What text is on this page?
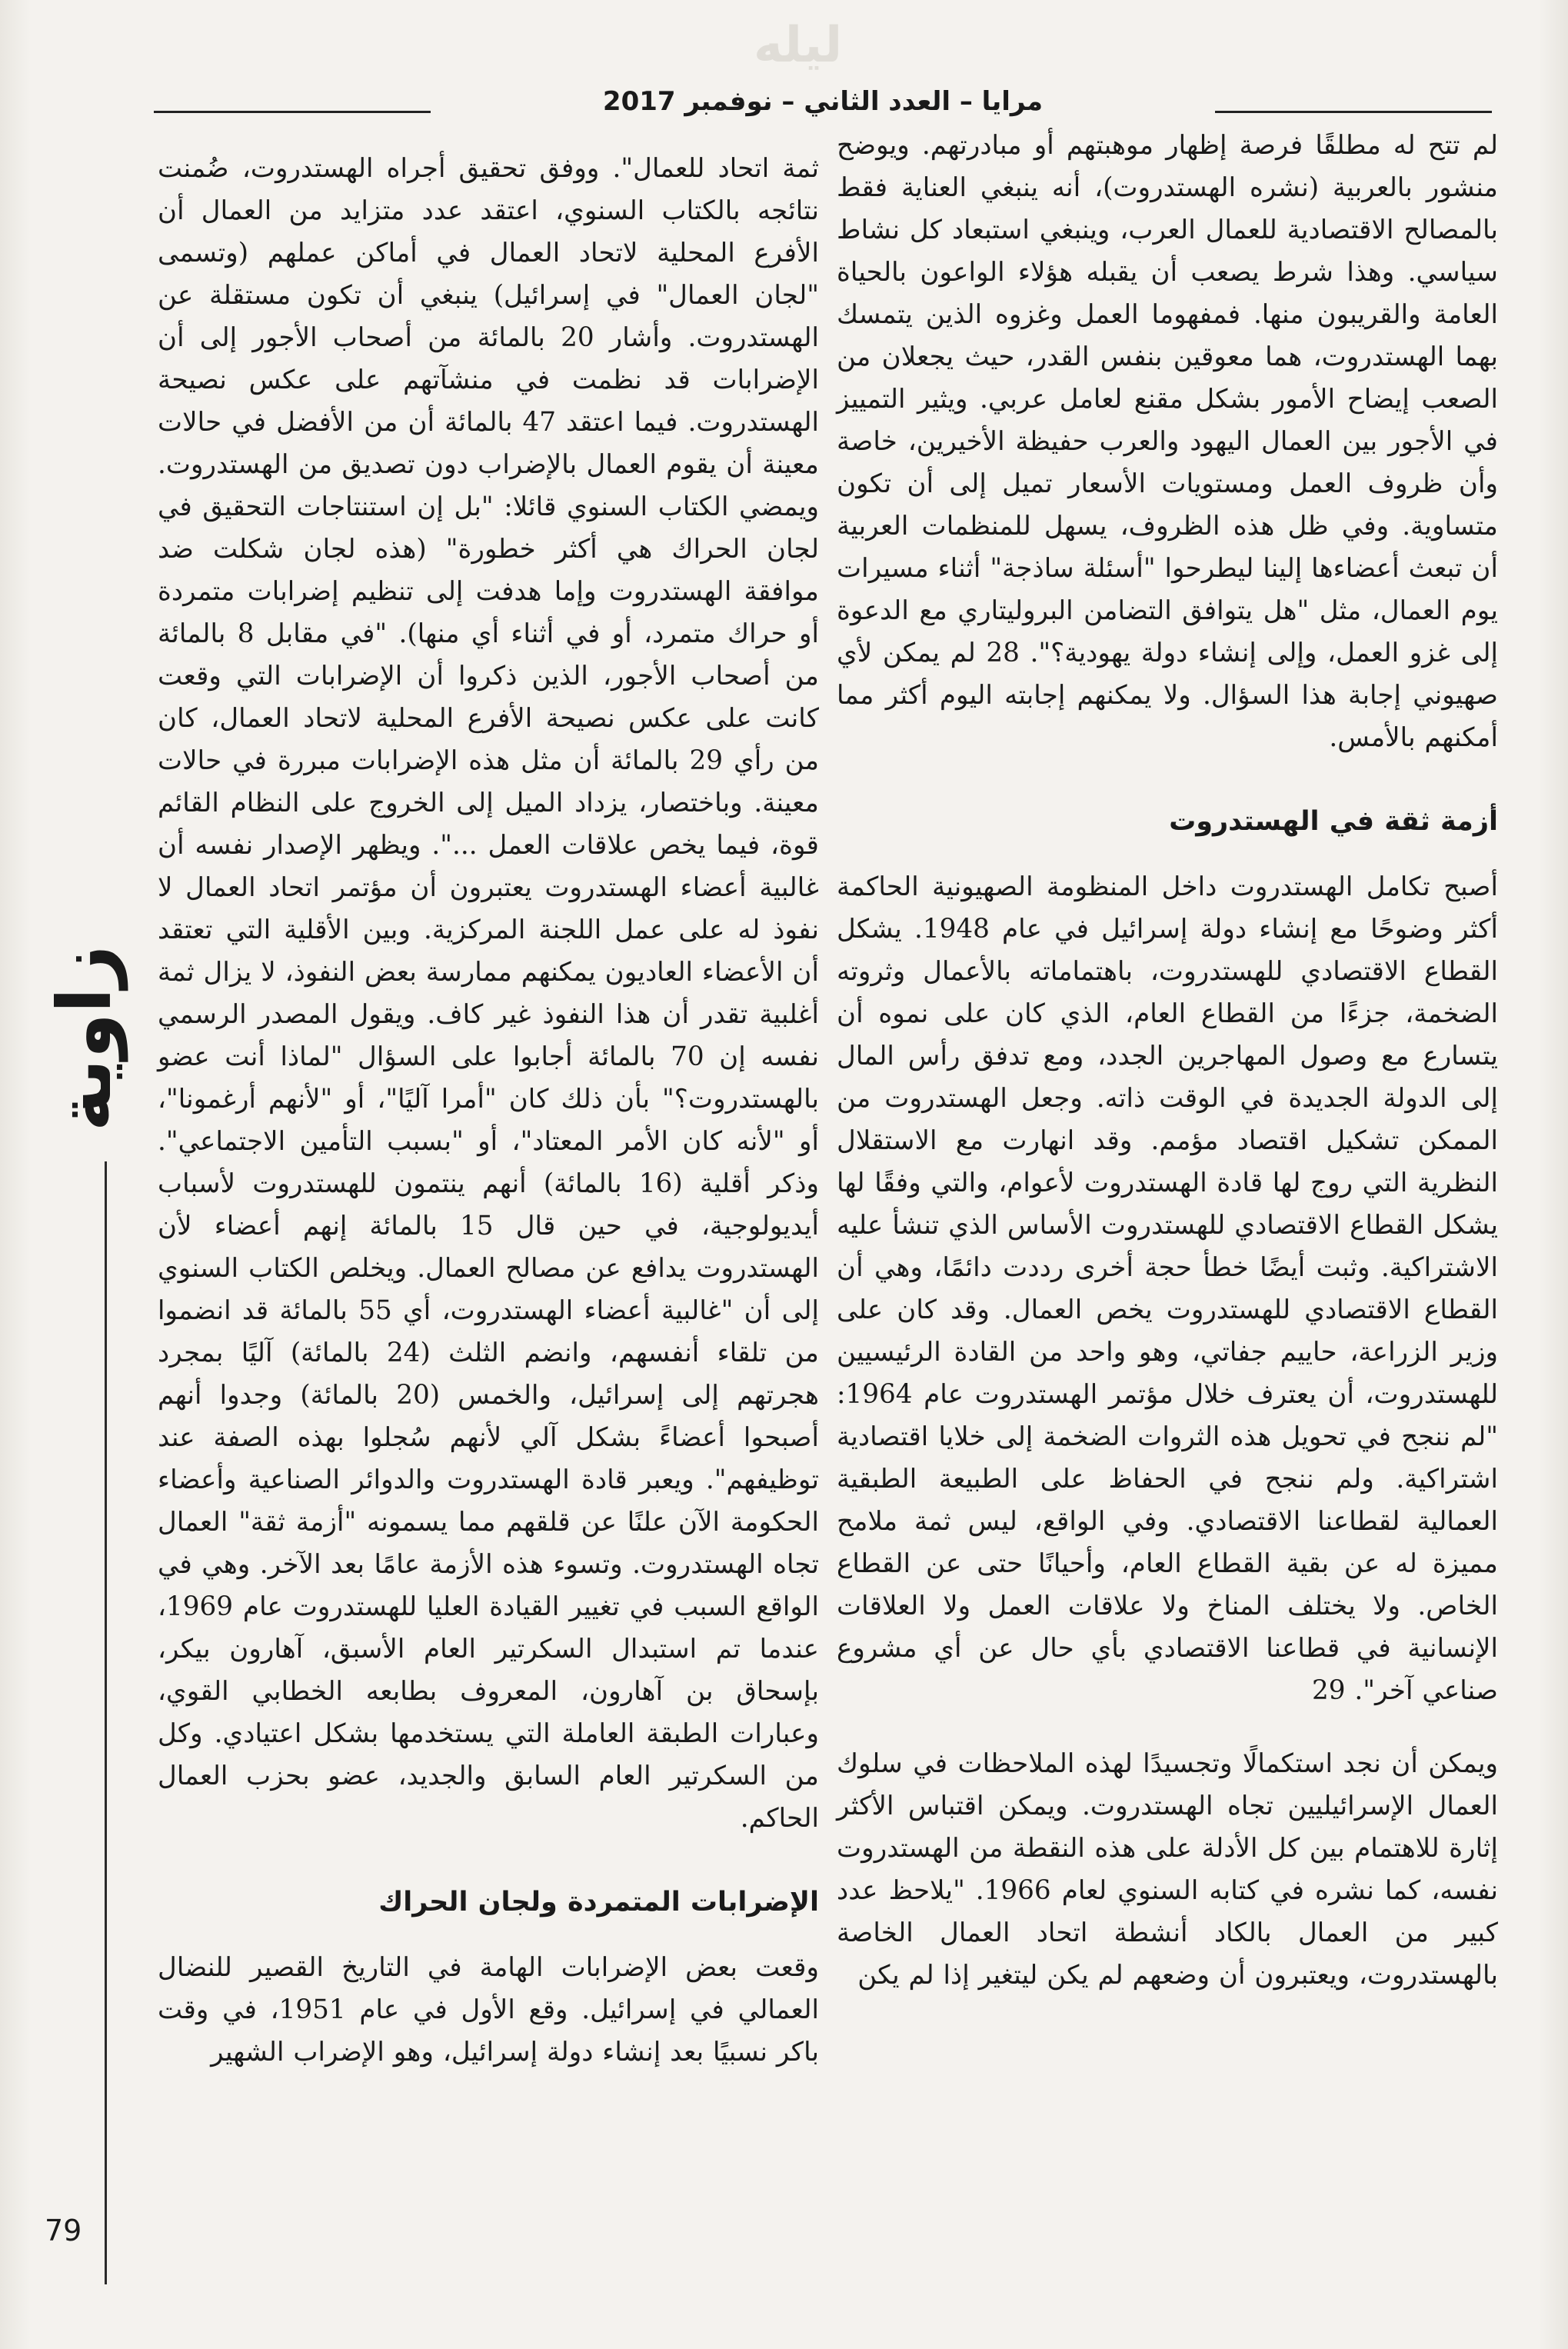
ليله
مرايا – العدد الثاني – نوفمبر 2017

لم تتح له مطلقًا فرصة إظهار موهبتهم أو مبادرتهم. ويوضح منشور بالعربية (نشره الهستدروت)، أنه ينبغي العناية فقط بالمصالح الاقتصادية للعمال العرب، وينبغي استبعاد كل نشاط سياسي. وهذا شرط يصعب أن يقبله هؤلاء الواعون بالحياة العامة والقريبون منها. فمفهوما العمل وغزوه الذين يتمسك بهما الهستدروت، هما معوقين بنفس القدر، حيث يجعلان من الصعب إيضاح الأمور بشكل مقنع لعامل عربي. ويثير التمييز في الأجور بين العمال اليهود والعرب حفيظة الأخيرين، خاصة وأن ظروف العمل ومستويات الأسعار تميل إلى أن تكون متساوية. وفي ظل هذه الظروف، يسهل للمنظمات العربية أن تبعث أعضاءها إلينا ليطرحوا "أسئلة ساذجة" أثناء مسيرات يوم العمال، مثل "هل يتوافق التضامن البروليتاري مع الدعوة إلى غزو العمل، وإلى إنشاء دولة يهودية؟". 28 لم يمكن لأي صهيوني إجابة هذا السؤال. ولا يمكنهم إجابته اليوم أكثر مما أمكنهم بالأمس.

أزمة ثقة في الهستدروت

أصبح تكامل الهستدروت داخل المنظومة الصهيونية الحاكمة أكثر وضوحًا مع إنشاء دولة إسرائيل في عام 1948. يشكل القطاع الاقتصادي للهستدروت، باهتماماته بالأعمال وثروته الضخمة، جزءًا من القطاع العام، الذي كان على نموه أن يتسارع مع وصول المهاجرين الجدد، ومع تدفق رأس المال إلى الدولة الجديدة في الوقت ذاته. وجعل الهستدروت من الممكن تشكيل اقتصاد مؤمم. وقد انهارت مع الاستقلال النظرية التي روج لها قادة الهستدروت لأعوام، والتي وفقًا لها يشكل القطاع الاقتصادي للهستدروت الأساس الذي تنشأ عليه الاشتراكية. وثبت أيضًا خطأ حجة أخرى رددت دائمًا، وهي أن القطاع الاقتصادي للهستدروت يخص العمال. وقد كان على وزير الزراعة، حاييم جفاتي، وهو واحد من القادة الرئيسيين للهستدروت، أن يعترف خلال مؤتمر الهستدروت عام 1964: "لم ننجح في تحويل هذه الثروات الضخمة إلى خلايا اقتصادية اشتراكية. ولم ننجح في الحفاظ على الطبيعة الطبقية العمالية لقطاعنا الاقتصادي. وفي الواقع، ليس ثمة ملامح مميزة له عن بقية القطاع العام، وأحيانًا حتى عن القطاع الخاص. ولا يختلف المناخ ولا علاقات العمل ولا العلاقات الإنسانية في قطاعنا الاقتصادي بأي حال عن أي مشروع صناعي آخر". 29

ويمكن أن نجد استكمالًا وتجسيدًا لهذه الملاحظات في سلوك العمال الإسرائيليين تجاه الهستدروت. ويمكن اقتباس الأكثر إثارة للاهتمام بين كل الأدلة على هذه النقطة من الهستدروت نفسه، كما نشره في كتابه السنوي لعام 1966. "يلاحظ عدد كبير من العمال بالكاد أنشطة اتحاد العمال الخاصة بالهستدروت، ويعتبرون أن وضعهم لم يكن ليتغير إذا لم يكن

ثمة اتحاد للعمال". ووفق تحقيق أجراه الهستدروت، ضُمنت نتائجه بالكتاب السنوي، اعتقد عدد متزايد من العمال أن الأفرع المحلية لاتحاد العمال في أماكن عملهم (وتسمى "لجان العمال" في إسرائيل) ينبغي أن تكون مستقلة عن الهستدروت. وأشار 20 بالمائة من أصحاب الأجور إلى أن الإضرابات قد نظمت في منشآتهم على عكس نصيحة الهستدروت. فيما اعتقد 47 بالمائة أن من الأفضل في حالات معينة أن يقوم العمال بالإضراب دون تصديق من الهستدروت. ويمضي الكتاب السنوي قائلا: "بل إن استنتاجات التحقيق في لجان الحراك هي أكثر خطورة" (هذه لجان شكلت ضد موافقة الهستدروت وإما هدفت إلى تنظيم إضرابات متمردة أو حراك متمرد، أو في أثناء أي منها). "في مقابل 8 بالمائة من أصحاب الأجور، الذين ذكروا أن الإضرابات التي وقعت كانت على عكس نصيحة الأفرع المحلية لاتحاد العمال، كان من رأي 29 بالمائة أن مثل هذه الإضرابات مبررة في حالات معينة. وباختصار، يزداد الميل إلى الخروج على النظام القائم قوة، فيما يخص علاقات العمل ...". ويظهر الإصدار نفسه أن غالبية أعضاء الهستدروت يعتبرون أن مؤتمر اتحاد العمال لا نفوذ له على عمل اللجنة المركزية. وبين الأقلية التي تعتقد أن الأعضاء العاديون يمكنهم ممارسة بعض النفوذ، لا يزال ثمة أغلبية تقدر أن هذا النفوذ غير كاف. ويقول المصدر الرسمي نفسه إن 70 بالمائة أجابوا على السؤال "لماذا أنت عضو بالهستدروت؟" بأن ذلك كان "أمرا آليًا"، أو "لأنهم أرغمونا"، أو "لأنه كان الأمر المعتاد"، أو "بسبب التأمين الاجتماعي". وذكر أقلية (16 بالمائة) أنهم ينتمون للهستدروت لأسباب أيديولوجية، في حين قال 15 بالمائة إنهم أعضاء لأن الهستدروت يدافع عن مصالح العمال. ويخلص الكتاب السنوي إلى أن "غالبية أعضاء الهستدروت، أي 55 بالمائة قد انضموا من تلقاء أنفسهم، وانضم الثلث (24 بالمائة) آليًا بمجرد هجرتهم إلى إسرائيل، والخمس (20 بالمائة) وجدوا أنهم أصبحوا أعضاءً بشكل آلي لأنهم سُجلوا بهذه الصفة عند توظيفهم". ويعبر قادة الهستدروت والدوائر الصناعية وأعضاء الحكومة الآن علنًا عن قلقهم مما يسمونه "أزمة ثقة" العمال تجاه الهستدروت. وتسوء هذه الأزمة عامًا بعد الآخر. وهي في الواقع السبب في تغيير القيادة العليا للهستدروت عام 1969، عندما تم استبدال السكرتير العام الأسبق، آهارون بيكر، بإسحاق بن آهارون، المعروف بطابعه الخطابي القوي، وعبارات الطبقة العاملة التي يستخدمها بشكل اعتيادي. وكل من السكرتير العام السابق والجديد، عضو بحزب العمال الحاكم.

الإضرابات المتمردة ولجان الحراك

وقعت بعض الإضرابات الهامة في التاريخ القصير للنضال العمالي في إسرائيل. وقع الأول في عام 1951، في وقت باكر نسبيًا بعد إنشاء دولة إسرائيل، وهو الإضراب الشهير

زاوية
79
